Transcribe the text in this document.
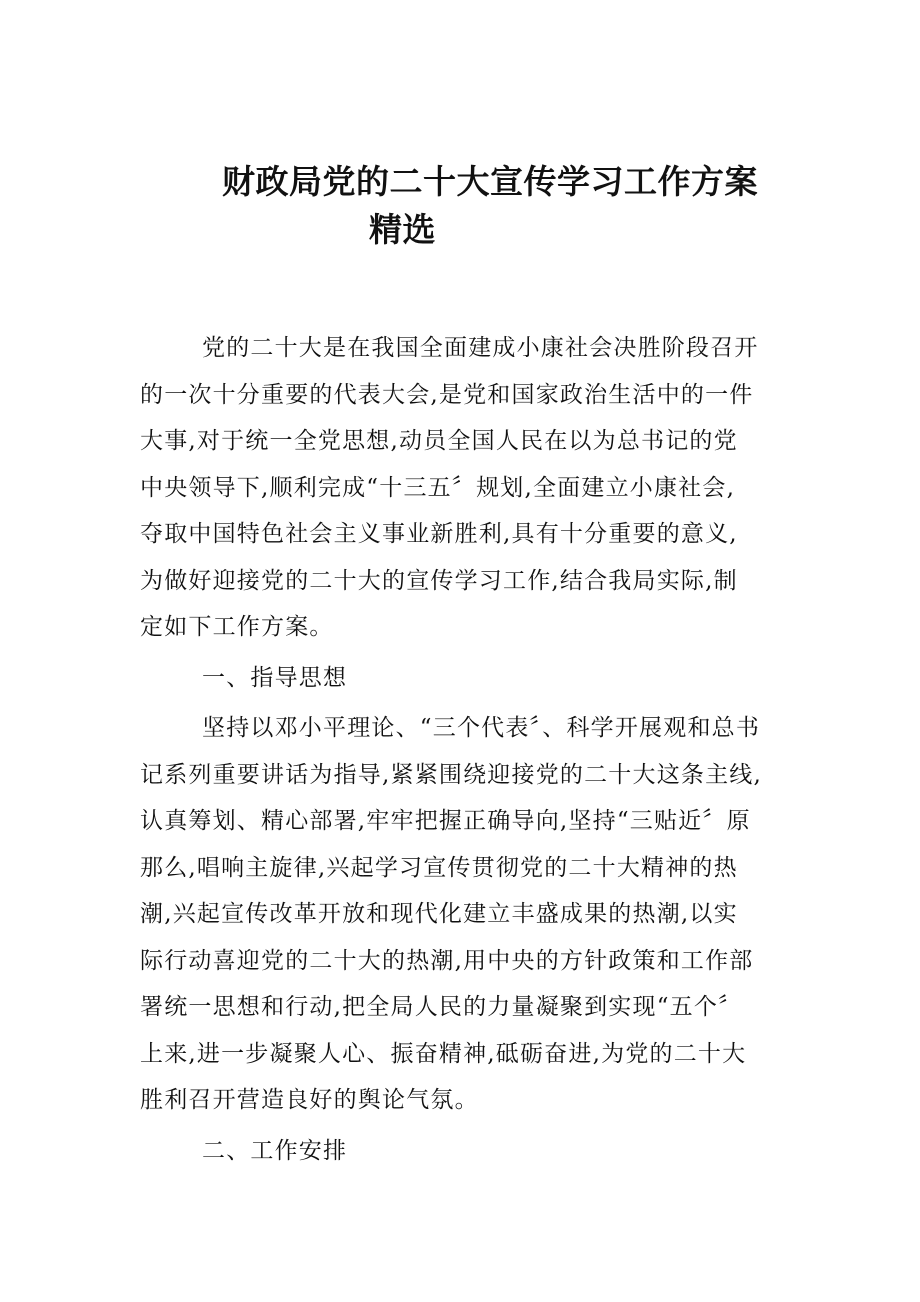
财政局党的二十大宣传学习工作方案
精选
党的二十大是在我国全面建成小康社会决胜阶段召开
的一次十分重要的代表大会,是党和国家政治生活中的一件
大事,对于统一全党思想,动员全国人民在以为总书记的党
中央领导下,顺利完成“十三五〞规划,全面建立小康社会,
夺取中国特色社会主义事业新胜利,具有十分重要的意义,
为做好迎接党的二十大的宣传学习工作,结合我局实际,制
定如下工作方案。
一、指导思想
坚持以邓小平理论、“三个代表〞、科学开展观和总书
记系列重要讲话为指导,紧紧围绕迎接党的二十大这条主线,
认真筹划、精心部署,牢牢把握正确导向,坚持“三贴近〞原
那么,唱响主旋律,兴起学习宣传贯彻党的二十大精神的热
潮,兴起宣传改革开放和现代化建立丰盛成果的热潮,以实
际行动喜迎党的二十大的热潮,用中央的方针政策和工作部
署统一思想和行动,把全局人民的力量凝聚到实现“五个〞
上来,进一步凝聚人心、振奋精神,砥砺奋进,为党的二十大
胜利召开营造良好的舆论气氛。
二、工作安排
